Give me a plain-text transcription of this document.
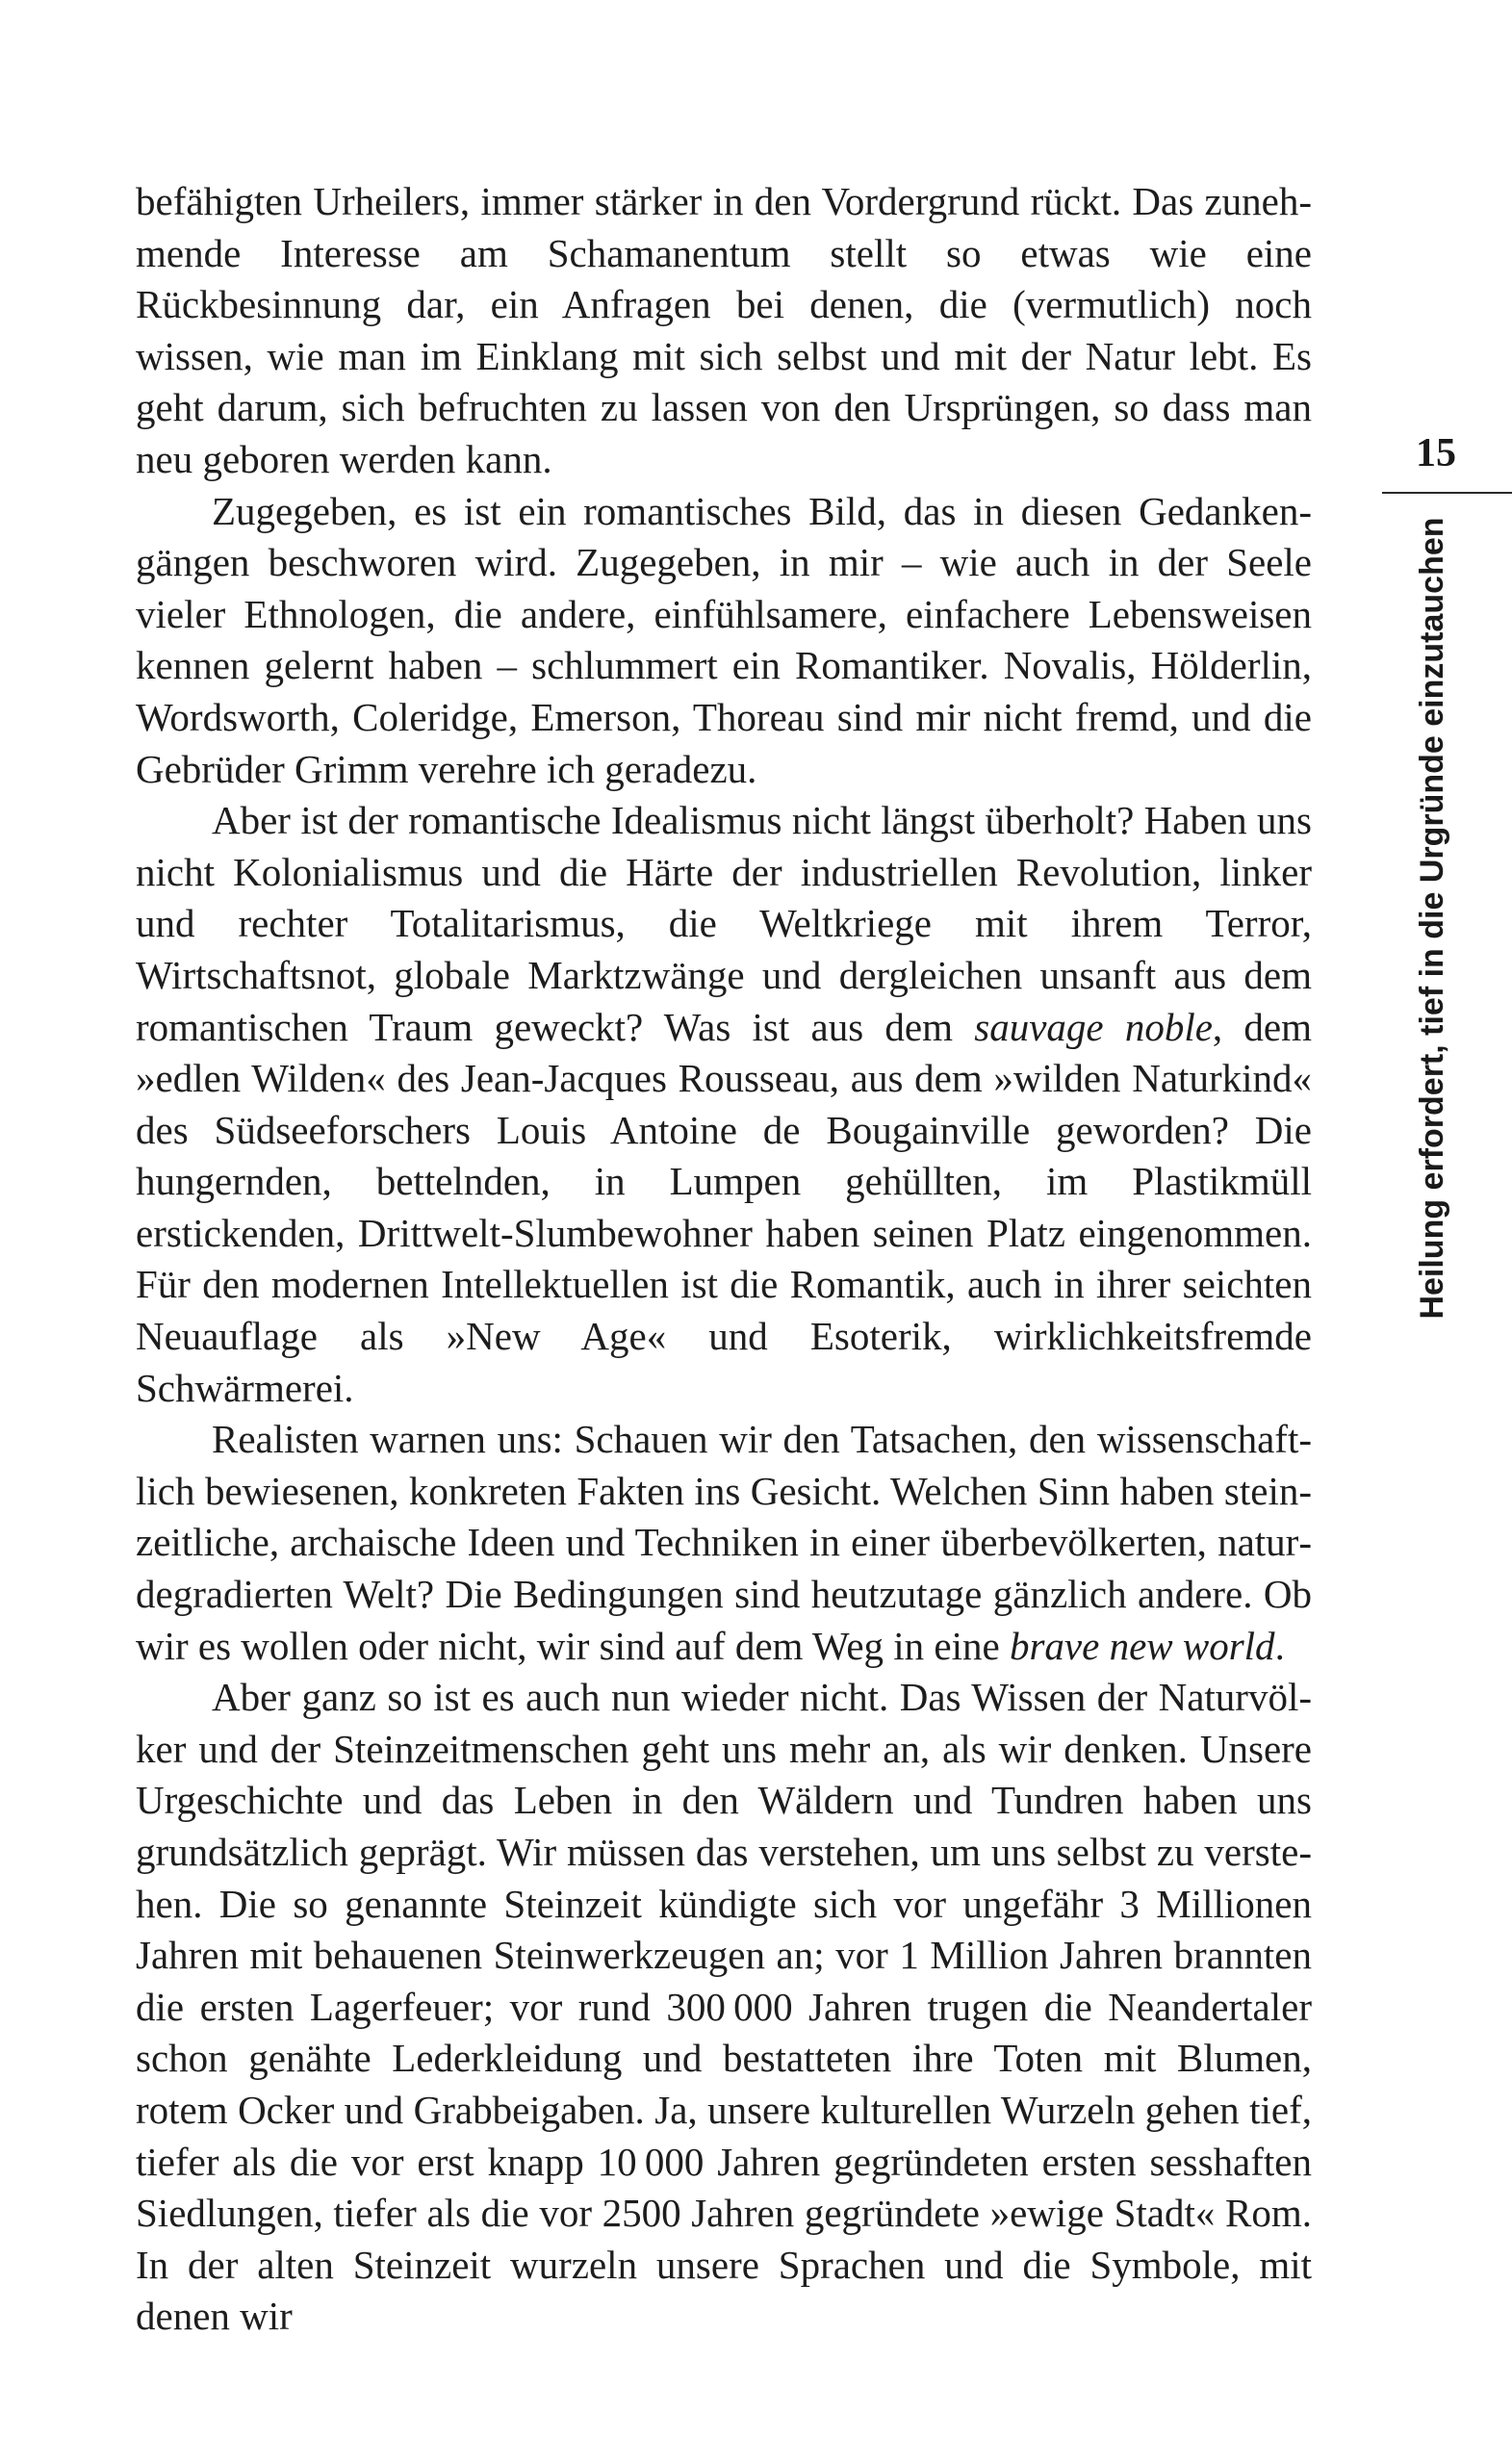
befähigten Urheilers, immer stärker in den Vordergrund rückt. Das zunehmende Interesse am Schamanentum stellt so etwas wie eine Rückbesinnung dar, ein Anfragen bei denen, die (vermutlich) noch wissen, wie man im Einklang mit sich selbst und mit der Natur lebt. Es geht darum, sich befruchten zu lassen von den Ursprüngen, so dass man neu geboren werden kann.

Zugegeben, es ist ein romantisches Bild, das in diesen Gedankengängen beschworen wird. Zugegeben, in mir – wie auch in der Seele vieler Ethnologen, die andere, einfühlsamere, einfachere Lebensweisen kennen gelernt haben – schlummert ein Romantiker. Novalis, Hölderlin, Wordsworth, Coleridge, Emerson, Thoreau sind mir nicht fremd, und die Gebrüder Grimm verehre ich geradezu.

Aber ist der romantische Idealismus nicht längst überholt? Haben uns nicht Kolonialismus und die Härte der industriellen Revolution, linker und rechter Totalitarismus, die Weltkriege mit ihrem Terror, Wirtschaftsnot, globale Marktzwänge und dergleichen unsanft aus dem romantischen Traum geweckt? Was ist aus dem sauvage noble, dem »edlen Wilden« des Jean-Jacques Rousseau, aus dem »wilden Naturkind« des Südseeforschers Louis Antoine de Bougainville geworden? Die hungernden, bettelnden, in Lumpen gehüllten, im Plastikmüll erstickenden, Drittwelt-Slumbewohner haben seinen Platz eingenommen. Für den modernen Intellektuellen ist die Romantik, auch in ihrer seichten Neuauflage als »New Age« und Esoterik, wirklichkeitsfremde Schwärmerei.

Realisten warnen uns: Schauen wir den Tatsachen, den wissenschaftlich bewiesenen, konkreten Fakten ins Gesicht. Welchen Sinn haben steinzeitliche, archaische Ideen und Techniken in einer überbevölkerten, naturdegradierten Welt? Die Bedingungen sind heutzutage gänzlich andere. Ob wir es wollen oder nicht, wir sind auf dem Weg in eine brave new world.

Aber ganz so ist es auch nun wieder nicht. Das Wissen der Naturvölker und der Steinzeitmenschen geht uns mehr an, als wir denken. Unsere Urgeschichte und das Leben in den Wäldern und Tundren haben uns grundsätzlich geprägt. Wir müssen das verstehen, um uns selbst zu verstehen. Die so genannte Steinzeit kündigte sich vor ungefähr 3 Millionen Jahren mit behauenen Steinwerkzeugen an; vor 1 Million Jahren brannten die ersten Lagerfeuer; vor rund 300 000 Jahren trugen die Neandertaler schon genähte Lederkleidung und bestatteten ihre Toten mit Blumen, rotem Ocker und Grabbeigaben. Ja, unsere kulturellen Wurzeln gehen tief, tiefer als die vor erst knapp 10 000 Jahren gegründeten ersten sesshaften Siedlungen, tiefer als die vor 2500 Jahren gegründete »ewige Stadt« Rom. In der alten Steinzeit wurzeln unsere Sprachen und die Symbole, mit denen wir

15
Heilung erfordert, tief in die Urgründe einzutauchen
